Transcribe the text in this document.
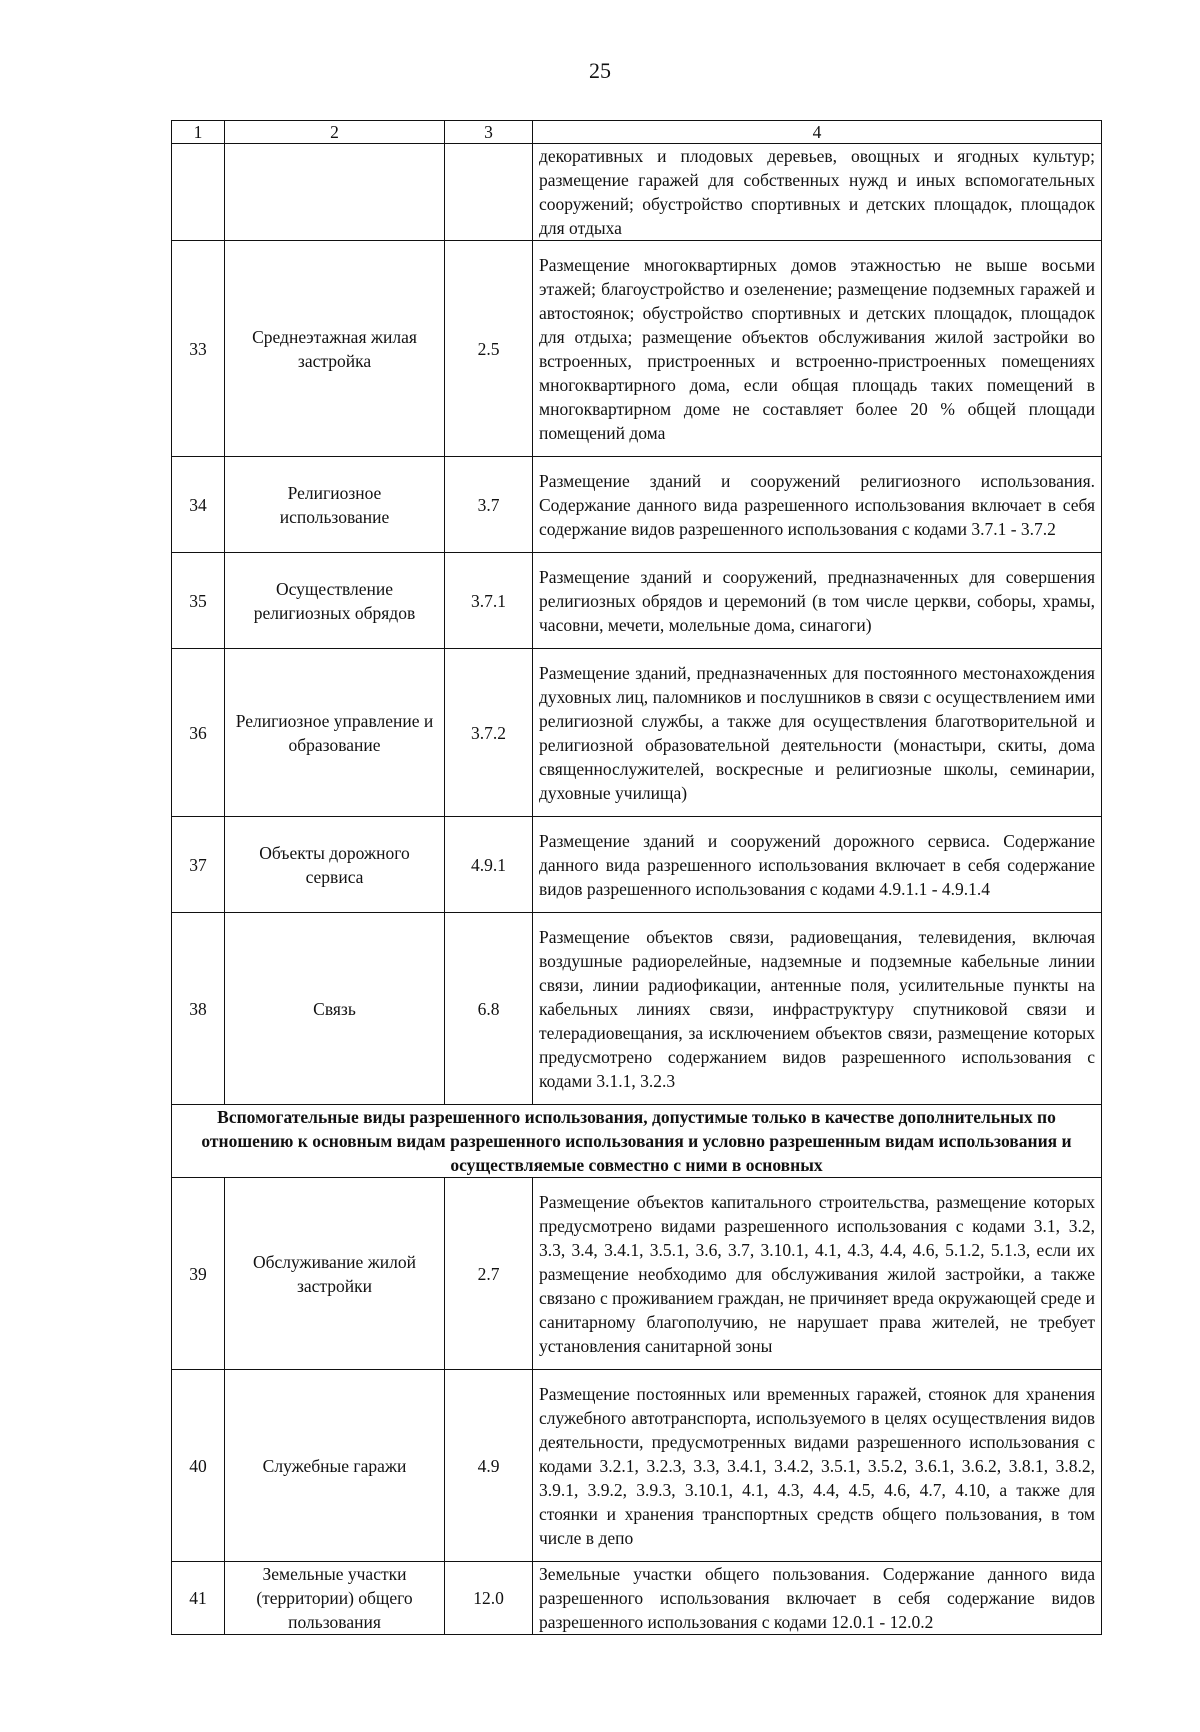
25
1	2	3	4
			декоративных и плодовых деревьев, овощных и ягодных культур; размещение гаражей для собственных нужд и иных вспомогательных сооружений; обустройство спортивных и детских площадок, площадок для отдыха
33	Среднеэтажная жилая застройка	2.5	Размещение многоквартирных домов этажностью не выше восьми этажей; благоустройство и озеленение; размещение подземных гаражей и автостоянок; обустройство спортивных и детских площадок, площадок для отдыха; размещение объектов обслуживания жилой застройки во встроенных, пристроенных и встроенно-пристроенных помещениях многоквартирного дома, если общая площадь таких помещений в многоквартирном доме не составляет более 20 % общей площади помещений дома
34	Религиозное использование	3.7	Размещение зданий и сооружений религиозного использования. Содержание данного вида разрешенного использования включает в себя содержание видов разрешенного использования с кодами 3.7.1 - 3.7.2
35	Осуществление религиозных обрядов	3.7.1	Размещение зданий и сооружений, предназначенных для совершения религиозных обрядов и церемоний (в том числе церкви, соборы, храмы, часовни, мечети, молельные дома, синагоги)
36	Религиозное управление и образование	3.7.2	Размещение зданий, предназначенных для постоянного местонахождения духовных лиц, паломников и послушников в связи с осуществлением ими религиозной службы, а также для осуществления благотворительной и религиозной образовательной деятельности (монастыри, скиты, дома священнослужителей, воскресные и религиозные школы, семинарии, духовные училища)
37	Объекты дорожного сервиса	4.9.1	Размещение зданий и сооружений дорожного сервиса. Содержание данного вида разрешенного использования включает в себя содержание видов разрешенного использования с кодами 4.9.1.1 - 4.9.1.4
38	Связь	6.8	Размещение объектов связи, радиовещания, телевидения, включая воздушные радиорелейные, надземные и подземные кабельные линии связи, линии радиофикации, антенные поля, усилительные пункты на кабельных линиях связи, инфраструктуру спутниковой связи и телерадиовещания, за исключением объектов связи, размещение которых предусмотрено содержанием видов разрешенного использования с кодами 3.1.1, 3.2.3
Вспомогательные виды разрешенного использования, допустимые только в качестве дополнительных по отношению к основным видам разрешенного использования и условно разрешенным видам использования и осуществляемые совместно с ними в основных			
39	Обслуживание жилой застройки	2.7	Размещение объектов капитального строительства, размещение которых предусмотрено видами разрешенного использования с кодами 3.1, 3.2, 3.3, 3.4, 3.4.1, 3.5.1, 3.6, 3.7, 3.10.1, 4.1, 4.3, 4.4, 4.6, 5.1.2, 5.1.3, если их размещение необходимо для обслуживания жилой застройки, а также связано с проживанием граждан, не причиняет вреда окружающей среде и санитарному благополучию, не нарушает права жителей, не требует установления санитарной зоны
40	Служебные гаражи	4.9	Размещение постоянных или временных гаражей, стоянок для хранения служебного автотранспорта, используемого в целях осуществления видов деятельности, предусмотренных видами разрешенного использования с кодами 3.2.1, 3.2.3, 3.3, 3.4.1, 3.4.2, 3.5.1, 3.5.2, 3.6.1, 3.6.2, 3.8.1, 3.8.2, 3.9.1, 3.9.2, 3.9.3, 3.10.1, 4.1, 4.3, 4.4, 4.5, 4.6, 4.7, 4.10, а также для стоянки и хранения транспортных средств общего пользования, в том числе в депо
41	Земельные участки (территории) общего пользования	12.0	Земельные участки общего пользования. Содержание данного вида разрешенного использования включает в себя содержание видов разрешенного использования с кодами 12.0.1 - 12.0.2
